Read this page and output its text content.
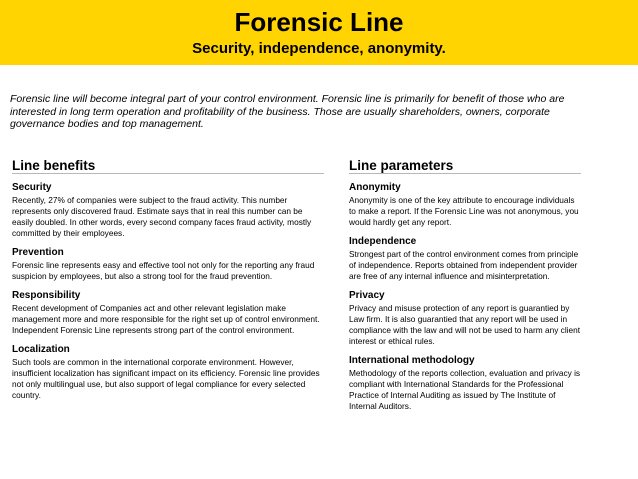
Forensic Line
Security, independence, anonymity.
Forensic line will become integral part of your control environment. Forensic line is primarily for benefit of those who are interested in long term operation and profitability of the business. Those are usually shareholders, owners, corporate governance bodies and top management.
Line benefits
Security
Recently, 27% of companies were subject to the fraud activity. This number represents only discovered fraud. Estimate says that in real this number can be easily doubled. In other words, every second company faces fraud activity, mostly committed by their employees.
Prevention
Forensic line represents easy and effective tool not only for the reporting any fraud suspicion by employees, but also a strong tool for the fraud prevention.
Responsibility
Recent development of Companies act and other relevant legislation make management more and more responsible for the right set up of control environment. Independent Forensic Line represents strong part of the control environment.
Localization
Such tools are common in the international corporate environment. However, insufficient localization has significant impact on its efficiency. Forensic line provides not only multilingual use, but also support of legal compliance for every selected country.
Line parameters
Anonymity
Anonymity is one of the key attribute to encourage individuals to make a report. If the Forensic Line was not anonymous, you would hardly get any report.
Independence
Strongest part of the control environment comes from principle of independence. Reports obtained from independent provider are free of any internal influence and misinterpretation.
Privacy
Privacy and misuse protection of any report is guarantied by Law firm. It is also guarantied that any report will be used in compliance with the law and will not be used to harm any client interest or ethical rules.
International methodology
Methodology of the reports collection, evaluation and privacy is compliant with International Standards for the Professional Practice of Internal Auditing as issued by The Institute of Internal Auditors.
